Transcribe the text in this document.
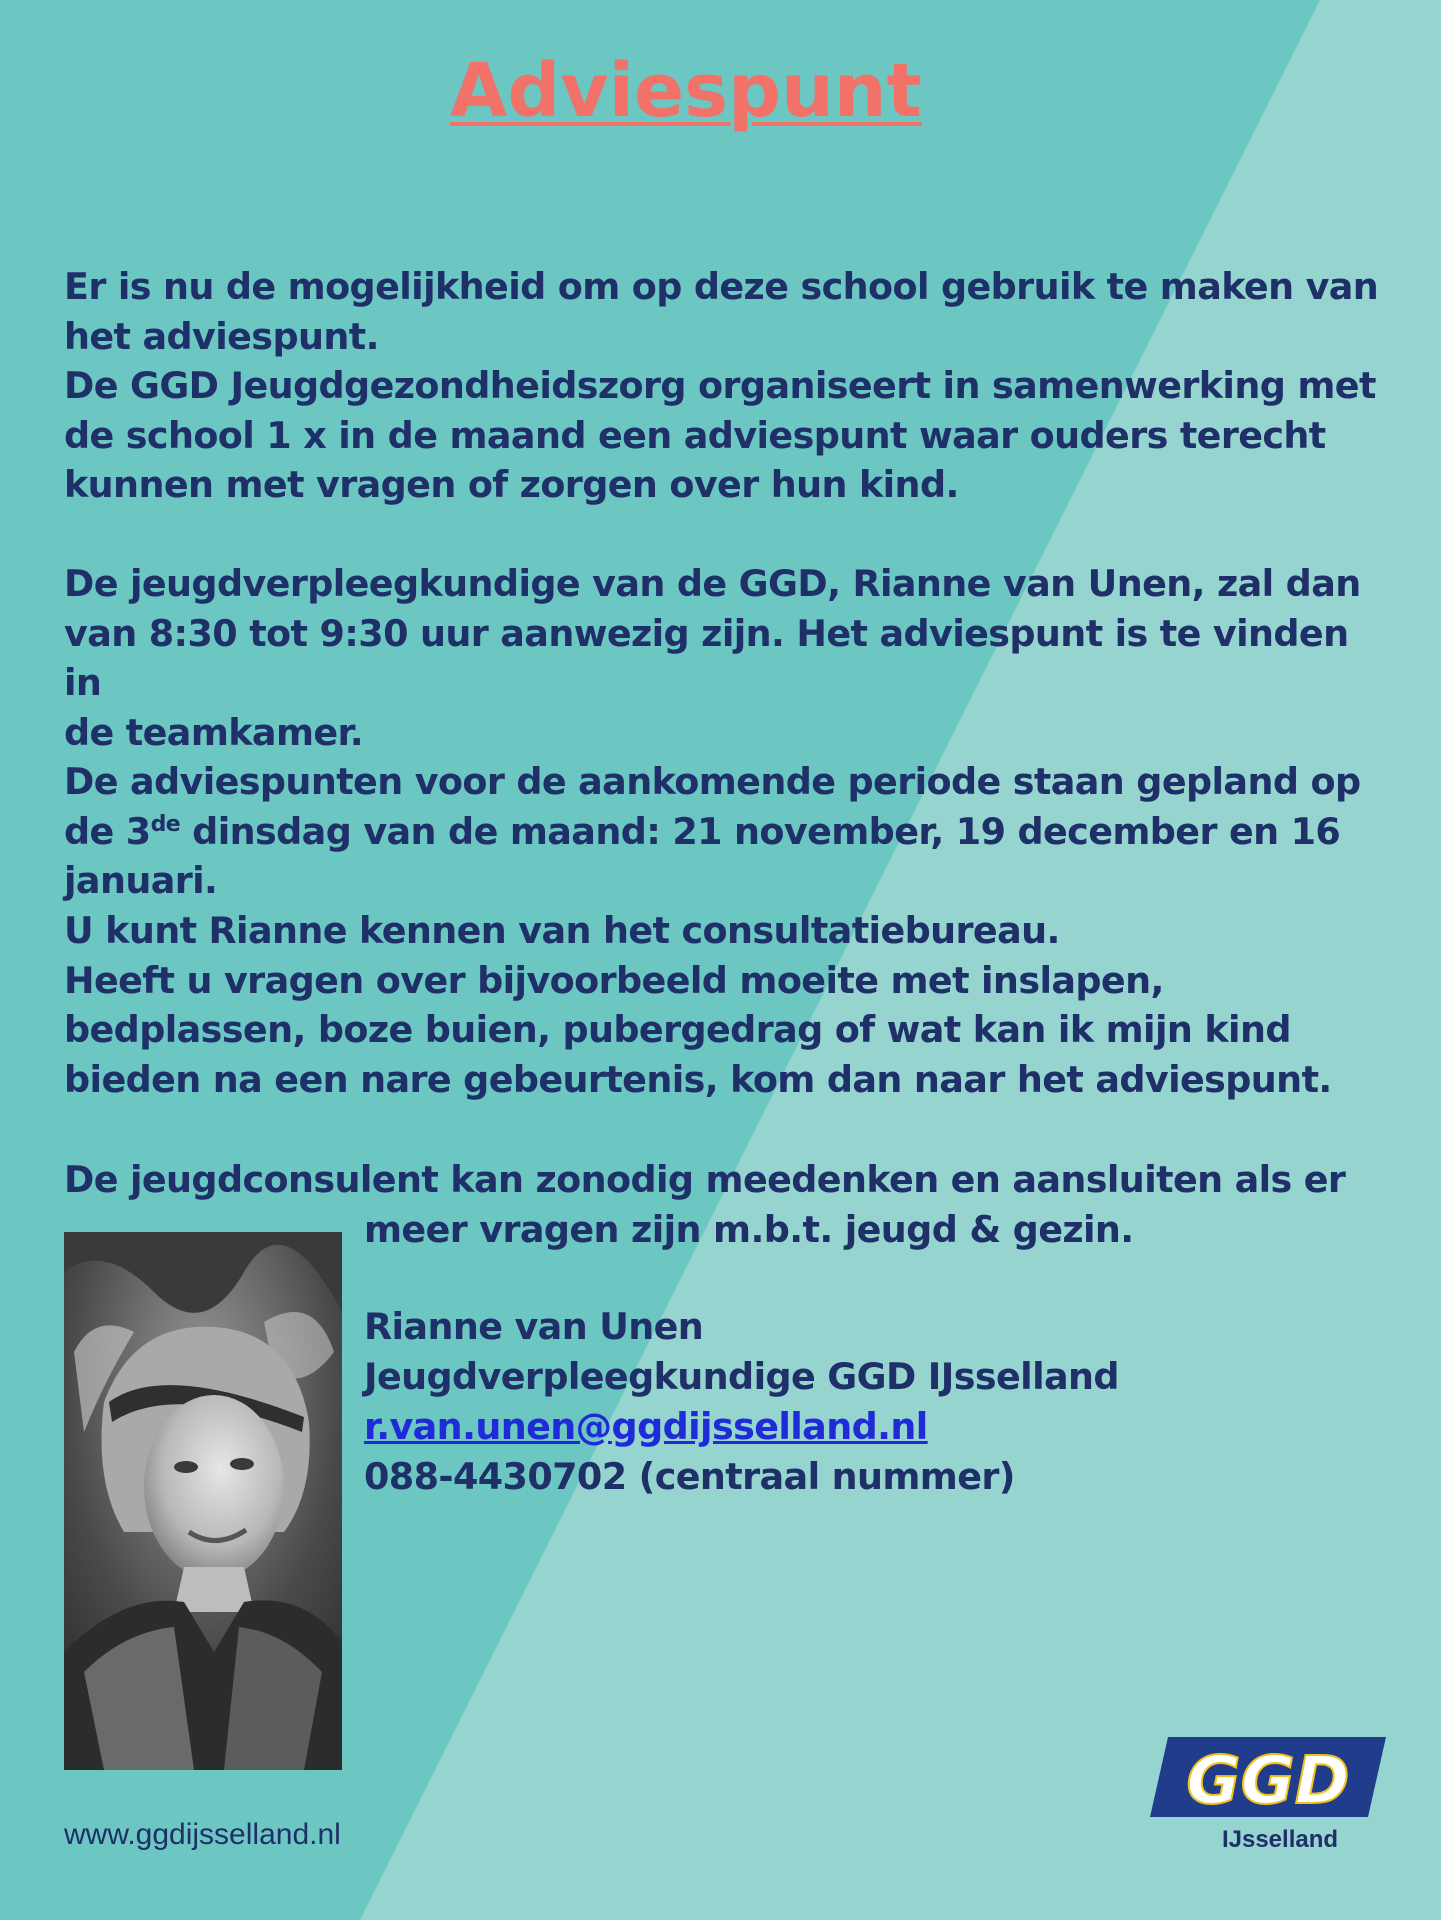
Adviespunt
Er is nu de mogelijkheid om op deze school gebruik te maken van
het adviespunt.
De GGD Jeugdgezondheidszorg organiseert in samenwerking met
de school 1 x in de maand een adviespunt waar ouders terecht
kunnen met vragen of zorgen over hun kind.
De jeugdverpleegkundige van de GGD, Rianne van Unen, zal dan
van 8:30 tot 9:30 uur aanwezig zijn. Het adviespunt is te vinden in
de teamkamer.
De adviespunten voor de aankomende periode staan gepland op
de 3de dinsdag van de maand: 21 november, 19 december en 16
januari.
U kunt Rianne kennen van het consultatiebureau.
Heeft u vragen over bijvoorbeeld moeite met inslapen,
bedplassen, boze buien, pubergedrag of wat kan ik mijn kind
bieden na een nare gebeurtenis, kom dan naar het adviespunt.
De jeugdconsulent kan zonodig meedenken en aansluiten als er
meer vragen zijn m.b.t. jeugd & gezin.
Rianne van Unen
Jeugdverpleegkundige GGD IJsselland
r.van.unen@ggdijsselland.nl
088-4430702 (centraal nummer)
www.ggdijsselland.nl
GGD
IJsselland
